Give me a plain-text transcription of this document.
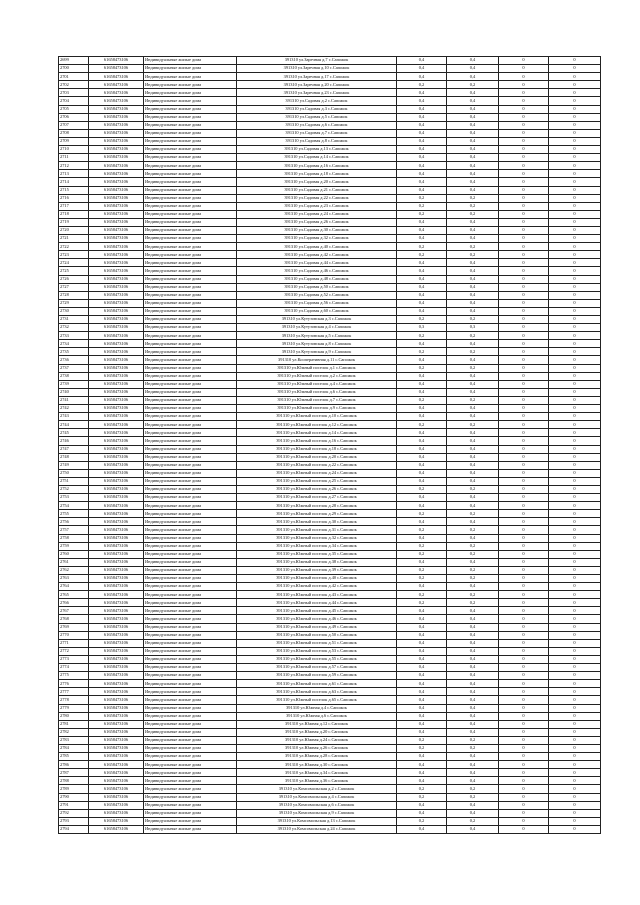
2699	61658473106	Индивидуальные жилые дома	391310 ул.Заречная д.7 с.Сапожок	0,4	0,4	0	0
2700	61658473106	Индивидуальные жилые дома	391310 ул.Заречная д.10 с.Сапожок	0,4	0,4	0	0
2701	61658473106	Индивидуальные жилые дома	391310 ул.Заречная д.17 с.Сапожок	0,4	0,4	0	0
2702	61658473106	Индивидуальные жилые дома	391310 ул.Заречная д.20 с.Сапожок	0,2	0,2	0	0
2703	61658473106	Индивидуальные жилые дома	391310 ул.Заречная д.23 с.Сапожок	0,4	0,4	0	0
2704	61658473106	Индивидуальные жилые дома	391310 ул.Садовая д.2 с.Сапожок	0,4	0,4	0	0
2705	61658473106	Индивидуальные жилые дома	391310 ул.Садовая д.3 с.Сапожок	0,4	0,4	0	0
2706	61658473106	Индивидуальные жилые дома	391310 ул.Садовая д.5 с.Сапожок	0,4	0,4	0	0
2707	61658473106	Индивидуальные жилые дома	391310 ул.Садовая д.6 с.Сапожок	0,4	0,4	0	0
2708	61658473106	Индивидуальные жилые дома	391310 ул.Садовая д.7 с.Сапожок	0,4	0,4	0	0
2709	61658473106	Индивидуальные жилые дома	391310 ул.Садовая д.8 с.Сапожок	0,4	0,4	0	0
2710	61658473106	Индивидуальные жилые дома	391310 ул.Садовая д.13 с.Сапожок	0,4	0,4	0	0
2711	61658473106	Индивидуальные жилые дома	391310 ул.Садовая д.14 с.Сапожок	0,4	0,4	0	0
2712	61658473106	Индивидуальные жилые дома	391310 ул.Садовая д.16 с.Сапожок	0,4	0,4	0	0
2713	61658473106	Индивидуальные жилые дома	391310 ул.Садовая д.18 с.Сапожок	0,4	0,4	0	0
2714	61658473106	Индивидуальные жилые дома	391310 ул.Садовая д.20 с.Сапожок	0,4	0,4	0	0
2715	61658473106	Индивидуальные жилые дома	391310 ул.Садовая д.21 с.Сапожок	0,4	0,4	0	0
2716	61658473106	Индивидуальные жилые дома	391310 ул.Садовая д.22 с.Сапожок	0,2	0,2	0	0
2717	61658473106	Индивидуальные жилые дома	391310 ул.Садовая д.23 с.Сапожок	0,2	0,2	0	0
2718	61658473106	Индивидуальные жилые дома	391310 ул.Садовая д.24 с.Сапожок	0,2	0,2	0	0
2719	61658473106	Индивидуальные жилые дома	391310 ул.Садовая д.26 с.Сапожок	0,4	0,4	0	0
2720	61658473106	Индивидуальные жилые дома	391310 ул.Садовая д.30 с.Сапожок	0,4	0,4	0	0
2721	61658473106	Индивидуальные жилые дома	391310 ул.Садовая д.32 с.Сапожок	0,4	0,4	0	0
2722	61658473106	Индивидуальные жилые дома	391310 ул.Садовая д.40 с.Сапожок	0,2	0,2	0	0
2723	61658473106	Индивидуальные жилые дома	391310 ул.Садовая д.42 с.Сапожок	0,2	0,2	0	0
2724	61658473106	Индивидуальные жилые дома	391310 ул.Садовая д.44 с.Сапожок	0,4	0,4	0	0
2725	61658473106	Индивидуальные жилые дома	391310 ул.Садовая д.46 с.Сапожок	0,4	0,4	0	0
2726	61658473106	Индивидуальные жилые дома	391310 ул.Садовая д.48 с.Сапожок	0,4	0,4	0	0
2727	61658473106	Индивидуальные жилые дома	391310 ул.Садовая д.50 с.Сапожок	0,4	0,4	0	0
2728	61658473106	Индивидуальные жилые дома	391310 ул.Садовая д.52 с.Сапожок	0,4	0,4	0	0
2729	61658473106	Индивидуальные жилые дома	391310 ул.Садовая д.56 с.Сапожок	0,4	0,4	0	0
2730	61658473106	Индивидуальные жилые дома	391310 ул.Садовая д.60 с.Сапожок	0,4	0,4	0	0
2731	61658473106	Индивидуальные жилые дома	391310 ул.Кутузовская д.3 с.Сапожок	0,2	0,2	0	0
2732	61658473106	Индивидуальные жилые дома	391310 ул.Кутузовская д.4 с.Сапожок	0,3	0,3	0	0
2733	61658473106	Индивидуальные жилые дома	391310 ул.Кутузовская д.5 с.Сапожок	0,2	0,2	0	0
2734	61658473106	Индивидуальные жилые дома	391310 ул.Кутузовская д.8 с.Сапожок	0,4	0,4	0	0
2735	61658473106	Индивидуальные жилые дома	391310 ул.Кутузовская д.9 с.Сапожок	0,2	0,2	0	0
2736	61658473106	Индивидуальные жилые дома	391310 ул.Кооперативная д.11 с.Сапожок	0,4	0,4	0	0
2737	61658473106	Индивидуальные жилые дома	391310 ул.Южный поселок д.1 с.Сапожок	0,2	0,2	0	0
2738	61658473106	Индивидуальные жилые дома	391310 ул.Южный поселок д.2 с.Сапожок	0,4	0,4	0	0
2739	61658473106	Индивидуальные жилые дома	391310 ул.Южный поселок д.4 с.Сапожок	0,4	0,4	0	0
2740	61658473106	Индивидуальные жилые дома	391310 ул.Южный поселок д.6 с.Сапожок	0,4	0,4	0	0
2741	61658473106	Индивидуальные жилые дома	391310 ул.Южный поселок д.7 с.Сапожок	0,2	0,2	0	0
2742	61658473106	Индивидуальные жилые дома	391310 ул.Южный поселок д.9 с.Сапожок	0,4	0,4	0	0
2743	61658473106	Индивидуальные жилые дома	391310 ул.Южный поселок д.10 с.Сапожок	0,4	0,4	0	0
2744	61658473106	Индивидуальные жилые дома	391310 ул.Южный поселок д.12 с.Сапожок	0,2	0,2	0	0
2745	61658473106	Индивидуальные жилые дома	391310 ул.Южный поселок д.14 с.Сапожок	0,4	0,4	0	0
2746	61658473106	Индивидуальные жилые дома	391310 ул.Южный поселок д.16 с.Сапожок	0,4	0,4	0	0
2747	61658473106	Индивидуальные жилые дома	391310 ул.Южный поселок д.18 с.Сапожок	0,4	0,4	0	0
2748	61658473106	Индивидуальные жилые дома	391310 ул.Южный поселок д.20 с.Сапожок	0,4	0,4	0	0
2749	61658473106	Индивидуальные жилые дома	391310 ул.Южный поселок д.22 с.Сапожок	0,4	0,4	0	0
2750	61658473106	Индивидуальные жилые дома	391310 ул.Южный поселок д.24 с.Сапожок	0,4	0,4	0	0
2751	61658473106	Индивидуальные жилые дома	391310 ул.Южный поселок д.25 с.Сапожок	0,4	0,4	0	0
2752	61658473106	Индивидуальные жилые дома	391310 ул.Южный поселок д.26 с.Сапожок	0,2	0,2	0	0
2753	61658473106	Индивидуальные жилые дома	391310 ул.Южный поселок д.27 с.Сапожок	0,4	0,4	0	0
2754	61658473106	Индивидуальные жилые дома	391310 ул.Южный поселок д.28 с.Сапожок	0,4	0,4	0	0
2755	61658473106	Индивидуальные жилые дома	391310 ул.Южный поселок д.29 с.Сапожок	0,2	0,2	0	0
2756	61658473106	Индивидуальные жилые дома	391310 ул.Южный поселок д.30 с.Сапожок	0,4	0,4	0	0
2757	61658473106	Индивидуальные жилые дома	391310 ул.Южный поселок д.31 с.Сапожок	0,2	0,2	0	0
2758	61658473106	Индивидуальные жилые дома	391310 ул.Южный поселок д.32 с.Сапожок	0,4	0,4	0	0
2759	61658473106	Индивидуальные жилые дома	391310 ул.Южный поселок д.34 с.Сапожок	0,2	0,2	0	0
2760	61658473106	Индивидуальные жилые дома	391310 ул.Южный поселок д.35 с.Сапожок	0,2	0,2	0	0
2761	61658473106	Индивидуальные жилые дома	391310 ул.Южный поселок д.38 с.Сапожок	0,4	0,4	0	0
2762	61658473106	Индивидуальные жилые дома	391310 ул.Южный поселок д.39 с.Сапожок	0,2	0,2	0	0
2763	61658473106	Индивидуальные жилые дома	391310 ул.Южный поселок д.40 с.Сапожок	0,2	0,2	0	0
2764	61658473106	Индивидуальные жилые дома	391310 ул.Южный поселок д.42 с.Сапожок	0,4	0,4	0	0
2765	61658473106	Индивидуальные жилые дома	391310 ул.Южный поселок д.43 с.Сапожок	0,2	0,2	0	0
2766	61658473106	Индивидуальные жилые дома	391310 ул.Южный поселок д.44 с.Сапожок	0,2	0,2	0	0
2767	61658473106	Индивидуальные жилые дома	391310 ул.Южный поселок д.45 с.Сапожок	0,4	0,4	0	0
2768	61658473106	Индивидуальные жилые дома	391310 ул.Южный поселок д.46 с.Сапожок	0,4	0,4	0	0
2769	61658473106	Индивидуальные жилые дома	391310 ул.Южный поселок д.49 с.Сапожок	0,4	0,4	0	0
2770	61658473106	Индивидуальные жилые дома	391310 ул.Южный поселок д.50 с.Сапожок	0,4	0,4	0	0
2771	61658473106	Индивидуальные жилые дома	391310 ул.Южный поселок д.51 с.Сапожок	0,4	0,4	0	0
2772	61658473106	Индивидуальные жилые дома	391310 ул.Южный поселок д.53 с.Сапожок	0,4	0,4	0	0
2773	61658473106	Индивидуальные жилые дома	391310 ул.Южный поселок д.55 с.Сапожок	0,4	0,4	0	0
2774	61658473106	Индивидуальные жилые дома	391310 ул.Южный поселок д.57 с.Сапожок	0,4	0,4	0	0
2775	61658473106	Индивидуальные жилые дома	391310 ул.Южный поселок д.59 с.Сапожок	0,4	0,4	0	0
2776	61658473106	Индивидуальные жилые дома	391310 ул.Южный поселок д.61 с.Сапожок	0,4	0,4	0	0
2777	61658473106	Индивидуальные жилые дома	391310 ул.Южный поселок д.63 с.Сапожок	0,4	0,4	0	0
2778	61658473106	Индивидуальные жилые дома	391310 ул.Южный поселок д.65 с.Сапожок	0,4	0,4	0	0
2779	61658473106	Индивидуальные жилые дома	391310 ул.Южная д.4 с.Сапожок	0,4	0,4	0	0
2780	61658473106	Индивидуальные жилые дома	391310 ул.Южная д.6 с.Сапожок	0,4	0,4	0	0
2781	61658473106	Индивидуальные жилые дома	391310 ул.Южная д.12 с.Сапожок	0,4	0,4	0	0
2782	61658473106	Индивидуальные жилые дома	391310 ул.Южная д.20 с.Сапожок	0,4	0,4	0	0
2783	61658473106	Индивидуальные жилые дома	391310 ул.Южная д.24 с.Сапожок	0,2	0,2	0	0
2784	61658473106	Индивидуальные жилые дома	391310 ул.Южная д.26 с.Сапожок	0,2	0,2	0	0
2785	61658473106	Индивидуальные жилые дома	391310 ул.Южная д.28 с.Сапожок	0,4	0,4	0	0
2786	61658473106	Индивидуальные жилые дома	391310 ул.Южная д.30 с.Сапожок	0,4	0,4	0	0
2787	61658473106	Индивидуальные жилые дома	391310 ул.Южная д.34 с.Сапожок	0,4	0,4	0	0
2788	61658473106	Индивидуальные жилые дома	391310 ул.Южная д.36 с.Сапожок	0,4	0,4	0	0
2789	61658473106	Индивидуальные жилые дома	391310 ул.Комсомольская д.2 с.Сапожок	0,2	0,2	0	0
2790	61658473106	Индивидуальные жилые дома	391310 ул.Комсомольская д.4 с.Сапожок	0,2	0,2	0	0
2791	61658473106	Индивидуальные жилые дома	391310 ул.Комсомольская д.6 с.Сапожок	0,4	0,4	0	0
2792	61658473106	Индивидуальные жилые дома	391310 ул.Комсомольская д.9 с.Сапожок	0,4	0,4	0	0
2793	61658473106	Индивидуальные жилые дома	391310 ул.Комсомольская д.13 с.Сапожок	0,2	0,2	0	0
2794	61658473106	Индивидуальные жилые дома	391310 ул.Комсомольская д.24 с.Сапожок	0,4	0,4	0	0
